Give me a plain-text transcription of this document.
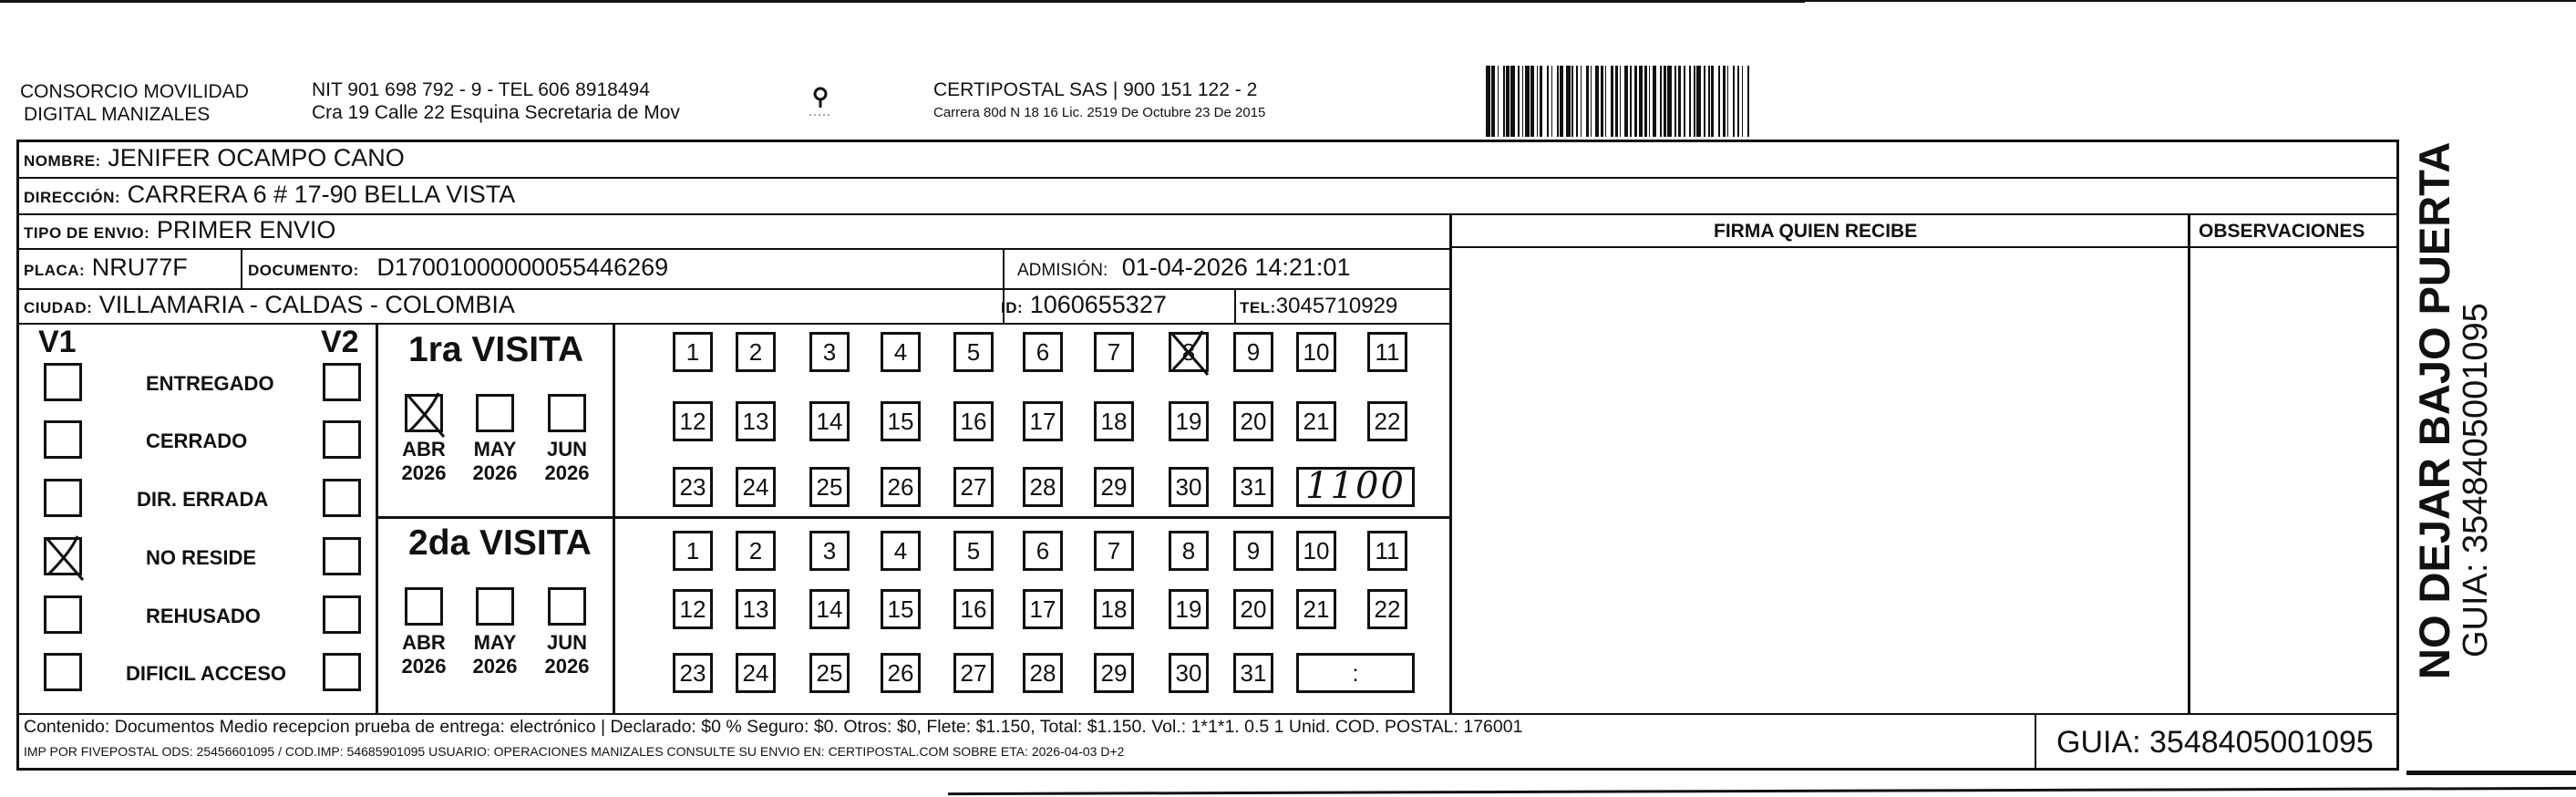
CONSORCIO MOVILIDAD
DIGITAL MANIZALES
NIT 901 698 792 - 9 - TEL 606 8918494
Cra 19 Calle 22 Esquina Secretaria de Mov
CERTIPOSTAL SAS | 900 151 122 - 2
Carrera 80d N 18 16 Lic. 2519 De Octubre 23 De 2015
NOMBRE: JENIFER OCAMPO CANO
DIRECCIÓN: CARRERA 6 # 17-90 BELLA VISTA
TIPO DE ENVIO: PRIMER ENVIO	FIRMA QUIEN RECIBE	OBSERVACIONES
PLACA: NRU77F	DOCUMENTO: D17001000000055446269	ADMISIÓN: 01-04-2026 14:21:01
CIUDAD: VILLAMARIA - CALDAS - COLOMBIA	ID: 1060655327	TEL:3045710929
V1	V2
ENTREGADO
CERRADO
DIR. ERRADA
NO RESIDE
REHUSADO
DIFICIL ACCESO
1ra VISITA
2da VISITA
ABR
2026
MAY
2026
JUN
2026
ABR
2026
MAY
2026
JUN
2026
1	2	3	4	5	6	7	8	9	10 11
12 13 14 15 16 17 18 19 20 21 22
23 24 25 26 27 28 29 30 31 1100
1	2	3	4	5	6	7	8	9	10 11
12 13 14 15 16 17 18 19 20 21 22
23 24 25 26 27 28 29 30 31	:
Contenido: Documentos Medio recepcion prueba de entrega: electrónico | Declarado: $0 % Seguro: $0. Otros: $0, Flete: $1.150, Total: $1.150. Vol.: 1*1*1. 0.5 1 Unid. COD. POSTAL: 176001
IMP POR FIVEPOSTAL ODS: 25456601095 / COD.IMP: 54685901095 USUARIO: OPERACIONES MANIZALES CONSULTE SU ENVIO EN: CERTIPOSTAL.COM SOBRE ETA: 2026-04-03 D+2	GUIA: 3548405001095
NO DEJAR BAJO PUERTA
GUIA: 3548405001095
